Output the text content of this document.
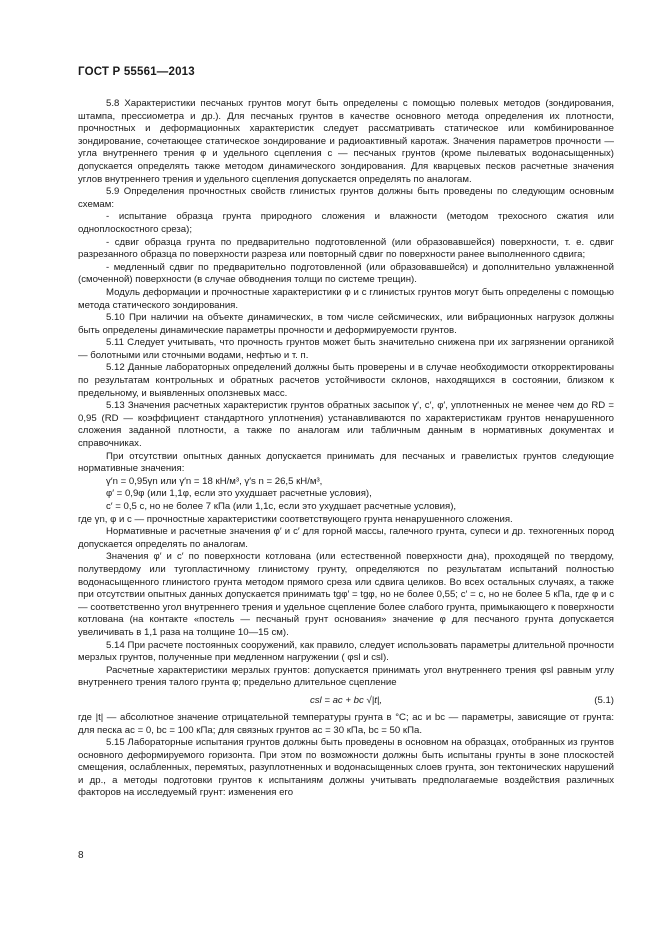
ГОСТ Р 55561—2013

5.8 Характеристики песчаных грунтов могут быть определены с помощью полевых методов (зондирования, штампа, прессиометра и др.). Для песчаных грунтов в качестве основного метода определения их плотности, прочностных и деформационных характеристик следует рассматривать статическое или комбинированное зондирование, сочетающее статическое зондирование и радиоактивный каротаж. Значения параметров прочности — угла внутреннего трения φ и удельного сцепления c — песчаных грунтов (кроме пылеватых водонасыщенных) допускается определять также методом динамического зондирования. Для кварцевых песков расчетные значения углов внутреннего трения и удельного сцепления допускается определять по аналогам.

5.9 Определения прочностных свойств глинистых грунтов должны быть проведены по следующим основным схемам:

- испытание образца грунта природного сложения и влажности (методом трехосного сжатия или одноплоскостного среза);

- сдвиг образца грунта по предварительно подготовленной (или образовавшейся) поверхности, т. е. сдвиг разрезанного образца по поверхности разреза или повторный сдвиг по поверхности ранее выполненного сдвига;

- медленный сдвиг по предварительно подготовленной (или образовавшейся) и дополнительно увлажненной (смоченной) поверхности (в случае обводнения толщи по системе трещин).

Модуль деформации и прочностные характеристики φ и c глинистых грунтов могут быть определены с помощью метода статического зондирования.

5.10 При наличии на объекте динамических, в том числе сейсмических, или вибрационных нагрузок должны быть определены динамические параметры прочности и деформируемости грунтов.

5.11 Следует учитывать, что прочность грунтов может быть значительно снижена при их загрязнении органикой — болотными или сточными водами, нефтью и т. п.

5.12 Данные лабораторных определений должны быть проверены и в случае необходимости откорректированы по результатам контрольных и обратных расчетов устойчивости склонов, находящихся в состоянии, близком к предельному, и выявленных оползневых масс.

5.13 Значения расчетных характеристик грунтов обратных засыпок γ′, c′, φ′, уплотненных не менее чем до RD = 0,95 (RD — коэффициент стандартного уплотнения) устанавливаются по характеристикам грунтов ненарушенного сложения заданной плотности, а также по аналогам или табличным данным в нормативных документах и справочниках.

При отсутствии опытных данных допускается принимать для песчаных и гравелистых грунтов следующие нормативные значения:

γ′n = 0,95γn или γ′n = 18 кН/м³, γ′s n = 26,5 кН/м³,

φ′ = 0,9φ (или 1,1φ, если это ухудшает расчетные условия),

c′ = 0,5 c, но не более 7 кПа (или 1,1c, если это ухудшает расчетные условия),

где γn, φ и c — прочностные характеристики соответствующего грунта ненарушенного сложения.

Нормативные и расчетные значения φ′ и c′ для горной массы, галечного грунта, супеси и др. техногенных пород допускается определять по аналогам.

Значения φ′ и c′ по поверхности котлована (или естественной поверхности дна), проходящей по твердому, полутвердому или тугопластичному глинистому грунту, определяются по результатам испытаний полностью водонасыщенного глинистого грунта методом прямого среза или сдвига целиков. Во всех остальных случаях, а также при отсутствии опытных данных допускается принимать tgφ′ = tgφ, но не более 0,55; c′ = c, но не более 5 кПа, где φ и c — соответственно угол внутреннего трения и удельное сцепление более слабого грунта, примыкающего к поверхности котлована (на контакте «постель — песчаный грунт основания» значение φ для песчаного грунта допускается увеличивать в 1,1 раза на толщине 10—15 см).

5.14 При расчете постоянных сооружений, как правило, следует использовать параметры длительной прочности мерзлых грунтов, полученные при медленном нагружении ( φsl и csl).

Расчетные характеристики мерзлых грунтов: допускается принимать угол внутреннего трения φsl равным углу внутреннего трения талого грунта φ; предельно длительное сцепление

csl = ac + bc √|t|,	(5.1)

где |t| — абсолютное значение отрицательной температуры грунта в °С; ac и bc — параметры, зависящие от грунта: для песка ac = 0, bc = 100 кПа; для связных грунтов ac = 30 кПа, bc = 50 кПа.

5.15 Лабораторные испытания грунтов должны быть проведены в основном на образцах, отобранных из грунтов основного деформируемого горизонта. При этом по возможности должны быть испытаны грунты в зоне плоскостей смещения, ослабленных, перемятых, разуплотненных и водонасыщенных слоев грунта, зон тектонических нарушений и др., а методы подготовки грунтов к испытаниям должны учитывать предполагаемые воздействия различных факторов на исследуемый грунт: изменения его

8
